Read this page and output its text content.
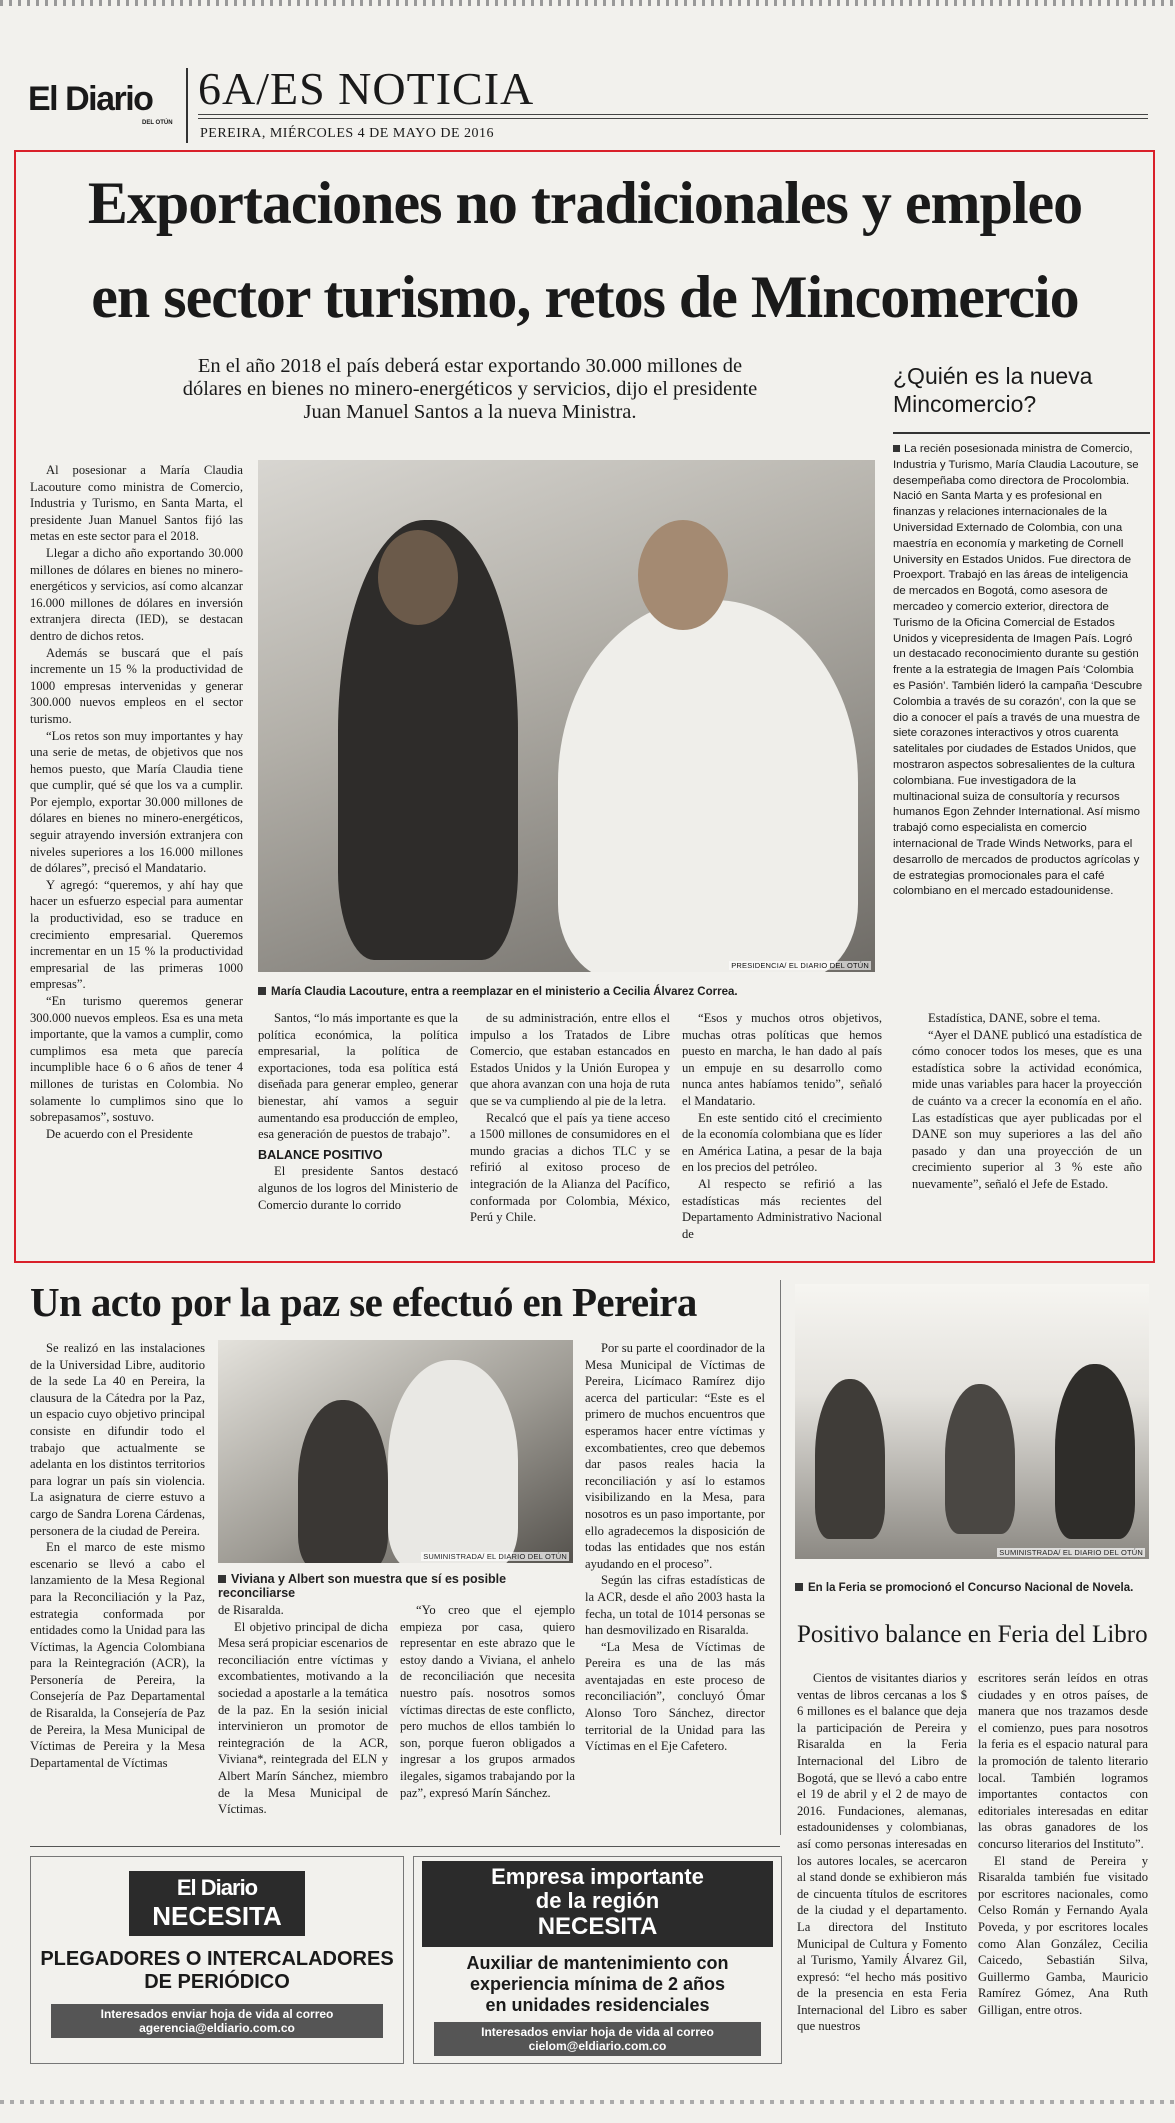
El Diario
DEL OTÚN
6A/ES NOTICIA
PEREIRA, MIÉRCOLES 4 DE MAYO DE 2016
Exportaciones no tradicionales y empleo
en sector turismo, retos de Mincomercio
En el año 2018 el país deberá estar exportando 30.000 millones de
dólares en bienes no minero-energéticos y servicios, dijo el presidente
Juan Manuel Santos a la nueva Ministra.

Al posesionar a María Claudia Lacouture como ministra de Comercio, Industria y Turismo, en Santa Marta, el presidente Juan Manuel Santos fijó las metas en este sector para el 2018.

Llegar a dicho año exportando 30.000 millones de dólares en bienes no minero-energéticos y servicios, así como alcanzar 16.000 millones de dólares en inversión extranjera directa (IED), se destacan dentro de dichos retos.

Además se buscará que el país incremente un 15 % la productividad de 1000 empresas intervenidas y generar 300.000 nuevos empleos en el sector turismo.

“Los retos son muy importantes y hay una serie de metas, de objetivos que nos hemos puesto, que María Claudia tiene que cumplir, qué sé que los va a cumplir. Por ejemplo, exportar 30.000 millones de dólares en bienes no minero-energéticos, seguir atrayendo inversión extranjera con niveles superiores a los 16.000 millones de dólares”, precisó el Mandatario.

Y agregó: “queremos, y ahí hay que hacer un esfuerzo especial para aumentar la productividad, eso se traduce en crecimiento empresarial. Queremos incrementar en un 15 % la productividad empresarial de las primeras 1000 empresas”.

“En turismo queremos generar 300.000 nuevos empleos. Esa es una meta importante, que la vamos a cumplir, como cumplimos esa meta que parecía incumplible hace 6 o 6 años de tener 4 millones de turistas en Colombia. No solamente lo cumplimos sino que lo sobrepasamos”, sostuvo.

De acuerdo con el Presidente

PRESIDENCIA/ EL DIARIO DEL OTÚN
María Claudia Lacouture, entra a reemplazar en el ministerio a Cecilia Álvarez Correa.

Santos, “lo más importante es que la política económica, la política empresarial, la política de exportaciones, toda esa política está diseñada para generar empleo, generar bienestar, ahí vamos a seguir aumentando esa producción de empleo, esa generación de puestos de trabajo”.

BALANCE POSITIVO

El presidente Santos destacó algunos de los logros del Ministerio de Comercio durante lo corrido

de su administración, entre ellos el impulso a los Tratados de Libre Comercio, que estaban estancados en Estados Unidos y la Unión Europea y que ahora avanzan con una hoja de ruta que se va cumpliendo al pie de la letra.

Recalcó que el país ya tiene acceso a 1500 millones de consumidores en el mundo gracias a dichos TLC y se refirió al exitoso proceso de integración de la Alianza del Pacífico, conformada por Colombia, México, Perú y Chile.

“Esos y muchos otros objetivos, muchas otras políticas que hemos puesto en marcha, le han dado al país un empuje en su desarrollo como nunca antes habíamos tenido”, señaló el Mandatario.

En este sentido citó el crecimiento de la economía colombiana que es líder en América Latina, a pesar de la baja en los precios del petróleo.

Al respecto se refirió a las estadísticas más recientes del Departamento Administrativo Nacional de

Estadística, DANE, sobre el tema.

“Ayer el DANE publicó una estadística de cómo conocer todos los meses, que es una estadística sobre la actividad económica, mide unas variables para hacer la proyección de cuánto va a crecer la economía en el año. Las estadísticas que ayer publicadas por el DANE son muy superiores a las del año pasado y dan una proyección de un crecimiento superior al 3 % este año nuevamente”, señaló el Jefe de Estado.

¿Quién es la nueva
Mincomercio?

La recién posesionada ministra de Comercio, Industria y Turismo, María Claudia Lacouture, se desempeñaba como directora de Procolombia. Nació en Santa Marta y es profesional en finanzas y relaciones internacionales de la Universidad Externado de Colombia, con una maestría en economía y marketing de Cornell University en Estados Unidos. Fue directora de Proexport. Trabajó en las áreas de inteligencia de mercados en Bogotá, como asesora de mercadeo y comercio exterior, directora de Turismo de la Oficina Comercial de Estados Unidos y vicepresidenta de Imagen País. Logró un destacado reconocimiento durante su gestión frente a la estrategia de Imagen País ‘Colombia es Pasión’. También lideró la campaña ‘Descubre Colombia a través de su corazón’, con la que se dio a conocer el país a través de una muestra de siete corazones interactivos y otros cuarenta satelitales por ciudades de Estados Unidos, que mostraron aspectos sobresalientes de la cultura colombiana. Fue investigadora de la multinacional suiza de consultoría y recursos humanos Egon Zehnder International. Así mismo trabajó como especialista en comercio internacional de Trade Winds Networks, para el desarrollo de mercados de productos agrícolas y de estrategias promocionales para el café colombiano en el mercado estadounidense.

Un acto por la paz se efectuó en Pereira

Se realizó en las instalaciones de la Universidad Libre, auditorio de la sede La 40 en Pereira, la clausura de la Cátedra por la Paz, un espacio cuyo objetivo principal consiste en difundir todo el trabajo que actualmente se adelanta en los distintos territorios para lograr un país sin violencia. La asignatura de cierre estuvo a cargo de Sandra Lorena Cárdenas, personera de la ciudad de Pereira.

En el marco de este mismo escenario se llevó a cabo el lanzamiento de la Mesa Regional para la Reconciliación y la Paz, estrategia conformada por entidades como la Unidad para las Víctimas, la Agencia Colombiana para la Reintegración (ACR), la Personería de Pereira, la Consejería de Paz Departamental de Risaralda, la Consejería de Paz de Pereira, la Mesa Municipal de Víctimas de Pereira y la Mesa Departamental de Víctimas

SUMINISTRADA/ EL DIARIO DEL OTÚN
Viviana y Albert son muestra que sí es posible reconciliarse

de Risaralda.

El objetivo principal de dicha Mesa será propiciar escenarios de reconciliación entre víctimas y excombatientes, motivando a la sociedad a apostarle a la temática de la paz. En la sesión inicial intervinieron un promotor de reintegración de la ACR, Viviana*, reintegrada del ELN y Albert Marín Sánchez, miembro de la Mesa Municipal de Víctimas.

“Yo creo que el ejemplo empieza por casa, quiero representar en este abrazo que le estoy dando a Viviana, el anhelo de reconciliación que necesita nuestro país. nosotros somos víctimas directas de este conflicto, pero muchos de ellos también lo son, porque fueron obligados a ingresar a los grupos armados ilegales, sigamos trabajando por la paz”, expresó Marín Sánchez.

Por su parte el coordinador de la Mesa Municipal de Víctimas de Pereira, Licímaco Ramírez dijo acerca del particular: “Este es el primero de muchos encuentros que esperamos hacer entre víctimas y excombatientes, creo que debemos dar pasos reales hacia la reconciliación y así lo estamos visibilizando en la Mesa, para nosotros es un paso importante, por ello agradecemos la disposición de todas las entidades que nos están ayudando en el proceso”.

Según las cifras estadísticas de la ACR, desde el año 2003 hasta la fecha, un total de 1014 personas se han desmovilizado en Risaralda.

“La Mesa de Víctimas de Pereira es una de las más aventajadas en este proceso de reconciliación”, concluyó Ómar Alonso Toro Sánchez, director territorial de la Unidad para las Víctimas en el Eje Cafetero.

SUMINISTRADA/ EL DIARIO DEL OTÚN
En la Feria se promocionó el Concurso Nacional de Novela.
Positivo balance en Feria del Libro

Cientos de visitantes diarios y ventas de libros cercanas a los $ 6 millones es el balance que deja la participación de Pereira y Risaralda en la Feria Internacional del Libro de Bogotá, que se llevó a cabo entre el 19 de abril y el 2 de mayo de 2016. Fundaciones, alemanas, estadounidenses y colombianas, así como personas interesadas en los autores locales, se acercaron al stand donde se exhibieron más de cincuenta títulos de escritores de la ciudad y el departamento. La directora del Instituto Municipal de Cultura y Fomento al Turismo, Yamily Álvarez Gil, expresó: “el hecho más positivo de la presencia en esta Feria Internacional del Libro es saber que nuestros

escritores serán leídos en otras ciudades y en otros países, de manera que nos trazamos desde el comienzo, pues para nosotros la feria es el espacio natural para la promoción de talento literario local. También logramos importantes contactos con editoriales interesadas en editar las obras ganadores de los concurso literarios del Instituto”.

El stand de Pereira y Risaralda también fue visitado por escritores nacionales, como Celso Román y Fernando Ayala Poveda, y por escritores locales como Alan González, Cecilia Caicedo, Sebastián Silva, Guillermo Gamba, Mauricio Ramírez Gómez, Ana Ruth Gilligan, entre otros.

El Diario
NECESITA
PLEGADORES O INTERCALADORES
DE PERIÓDICO
Interesados enviar hoja de vida al correo
agerencia@eldiario.com.co
Empresa importante
de la región
NECESITA
Auxiliar de mantenimiento con
experiencia mínima de 2 años
en unidades residenciales
Interesados enviar hoja de vida al correo
cielom@eldiario.com.co
